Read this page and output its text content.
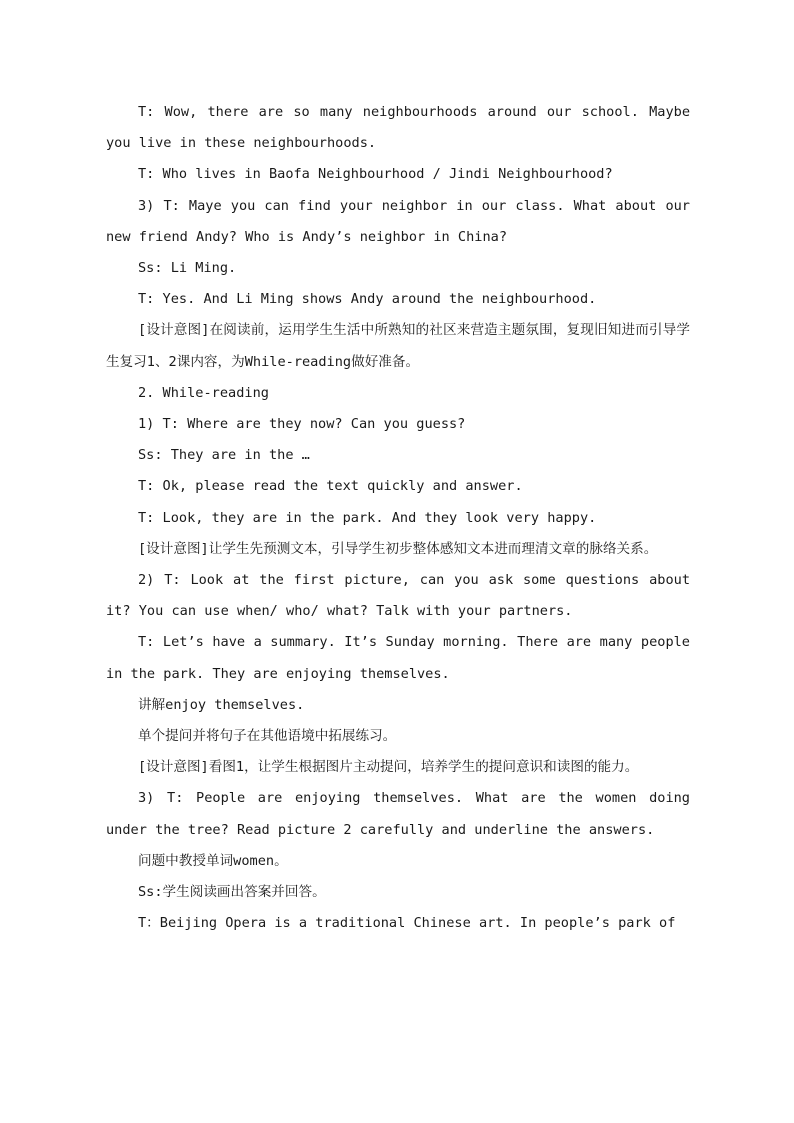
T: Wow, there are so many neighbourhoods around our school. Maybe you live in these neighbourhoods.

T: Who lives in Baofa Neighbourhood / Jindi Neighbourhood?

3) T: Maye you can find your neighbor in our class. What about our new friend Andy? Who is Andy’s neighbor in China?

Ss: Li Ming.

T: Yes. And Li Ming shows Andy around the neighbourhood.

[设计意图]在阅读前，运用学生生活中所熟知的社区来营造主题氛围，复现旧知进而引导学生复习1、2课内容，为While-reading做好准备。

2. While-reading

1) T: Where are they now? Can you guess?

Ss: They are in the …

T: Ok, please read the text quickly and answer.

T: Look, they are in the park. And they look very happy.

[设计意图]让学生先预测文本，引导学生初步整体感知文本进而理清文章的脉络关系。

2) T: Look at the first picture, can you ask some questions about it? You can use when/ who/ what? Talk with your partners.

T: Let’s have a summary. It’s Sunday morning. There are many people in the park. They are enjoying themselves.

讲解enjoy themselves.

单个提问并将句子在其他语境中拓展练习。

[设计意图]看图1，让学生根据图片主动提问，培养学生的提问意识和读图的能力。

3) T: People are enjoying themselves. What are the women doing under the tree? Read picture 2 carefully and underline the answers.

问题中教授单词women。

Ss:学生阅读画出答案并回答。

T：Beijing Opera is a traditional Chinese art. In people’s park of
